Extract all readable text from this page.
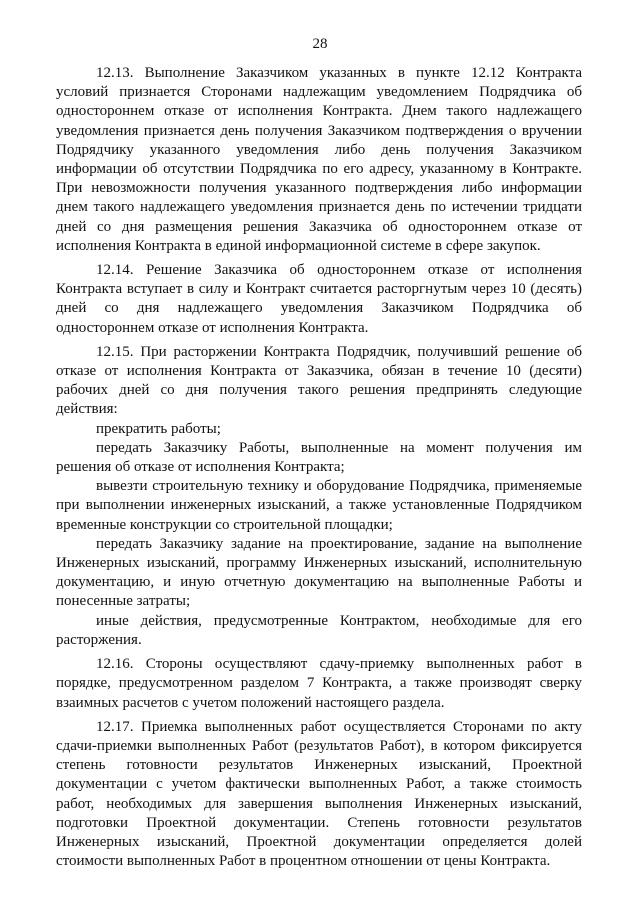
28

12.13. Выполнение Заказчиком указанных в пункте 12.12 Контракта условий признается Сторонами надлежащим уведомлением Подрядчика об одностороннем отказе от исполнения Контракта. Днем такого надлежащего уведомления признается день получения Заказчиком подтверждения о вручении Подрядчику указанного уведомления либо день получения Заказчиком информации об отсутствии Подрядчика по его адресу, указанному в Контракте. При невозможности получения указанного подтверждения либо информации днем такого надлежащего уведомления признается день по истечении тридцати дней со дня размещения решения Заказчика об одностороннем отказе от исполнения Контракта в единой информационной системе в сфере закупок.

12.14. Решение Заказчика об одностороннем отказе от исполнения Контракта вступает в силу и Контракт считается расторгнутым через 10 (десять) дней со дня надлежащего уведомления Заказчиком Подрядчика об одностороннем отказе от исполнения Контракта.

12.15. При расторжении Контракта Подрядчик, получивший решение об отказе от исполнения Контракта от Заказчика, обязан в течение 10 (десяти) рабочих дней со дня получения такого решения предпринять следующие действия:

прекратить работы;

передать Заказчику Работы, выполненные на момент получения им решения об отказе от исполнения Контракта;

вывезти строительную технику и оборудование Подрядчика, применяемые при выполнении инженерных изысканий, а также установленные Подрядчиком временные конструкции со строительной площадки;

передать Заказчику задание на проектирование, задание на выполнение Инженерных изысканий, программу Инженерных изысканий, исполнительную документацию, и иную отчетную документацию на выполненные Работы и понесенные затраты;

иные действия, предусмотренные Контрактом, необходимые для его расторжения.

12.16. Стороны осуществляют сдачу-приемку выполненных работ в порядке, предусмотренном разделом 7 Контракта, а также производят сверку взаимных расчетов с учетом положений настоящего раздела.

12.17. Приемка выполненных работ осуществляется Сторонами по акту сдачи-приемки выполненных Работ (результатов Работ), в котором фиксируется степень готовности результатов Инженерных изысканий, Проектной документации с учетом фактически выполненных Работ, а также стоимость работ, необходимых для завершения выполнения Инженерных изысканий, подготовки Проектной документации. Степень готовности результатов Инженерных изысканий, Проектной документации определяется долей стоимости выполненных Работ в процентном отношении от цены Контракта.
